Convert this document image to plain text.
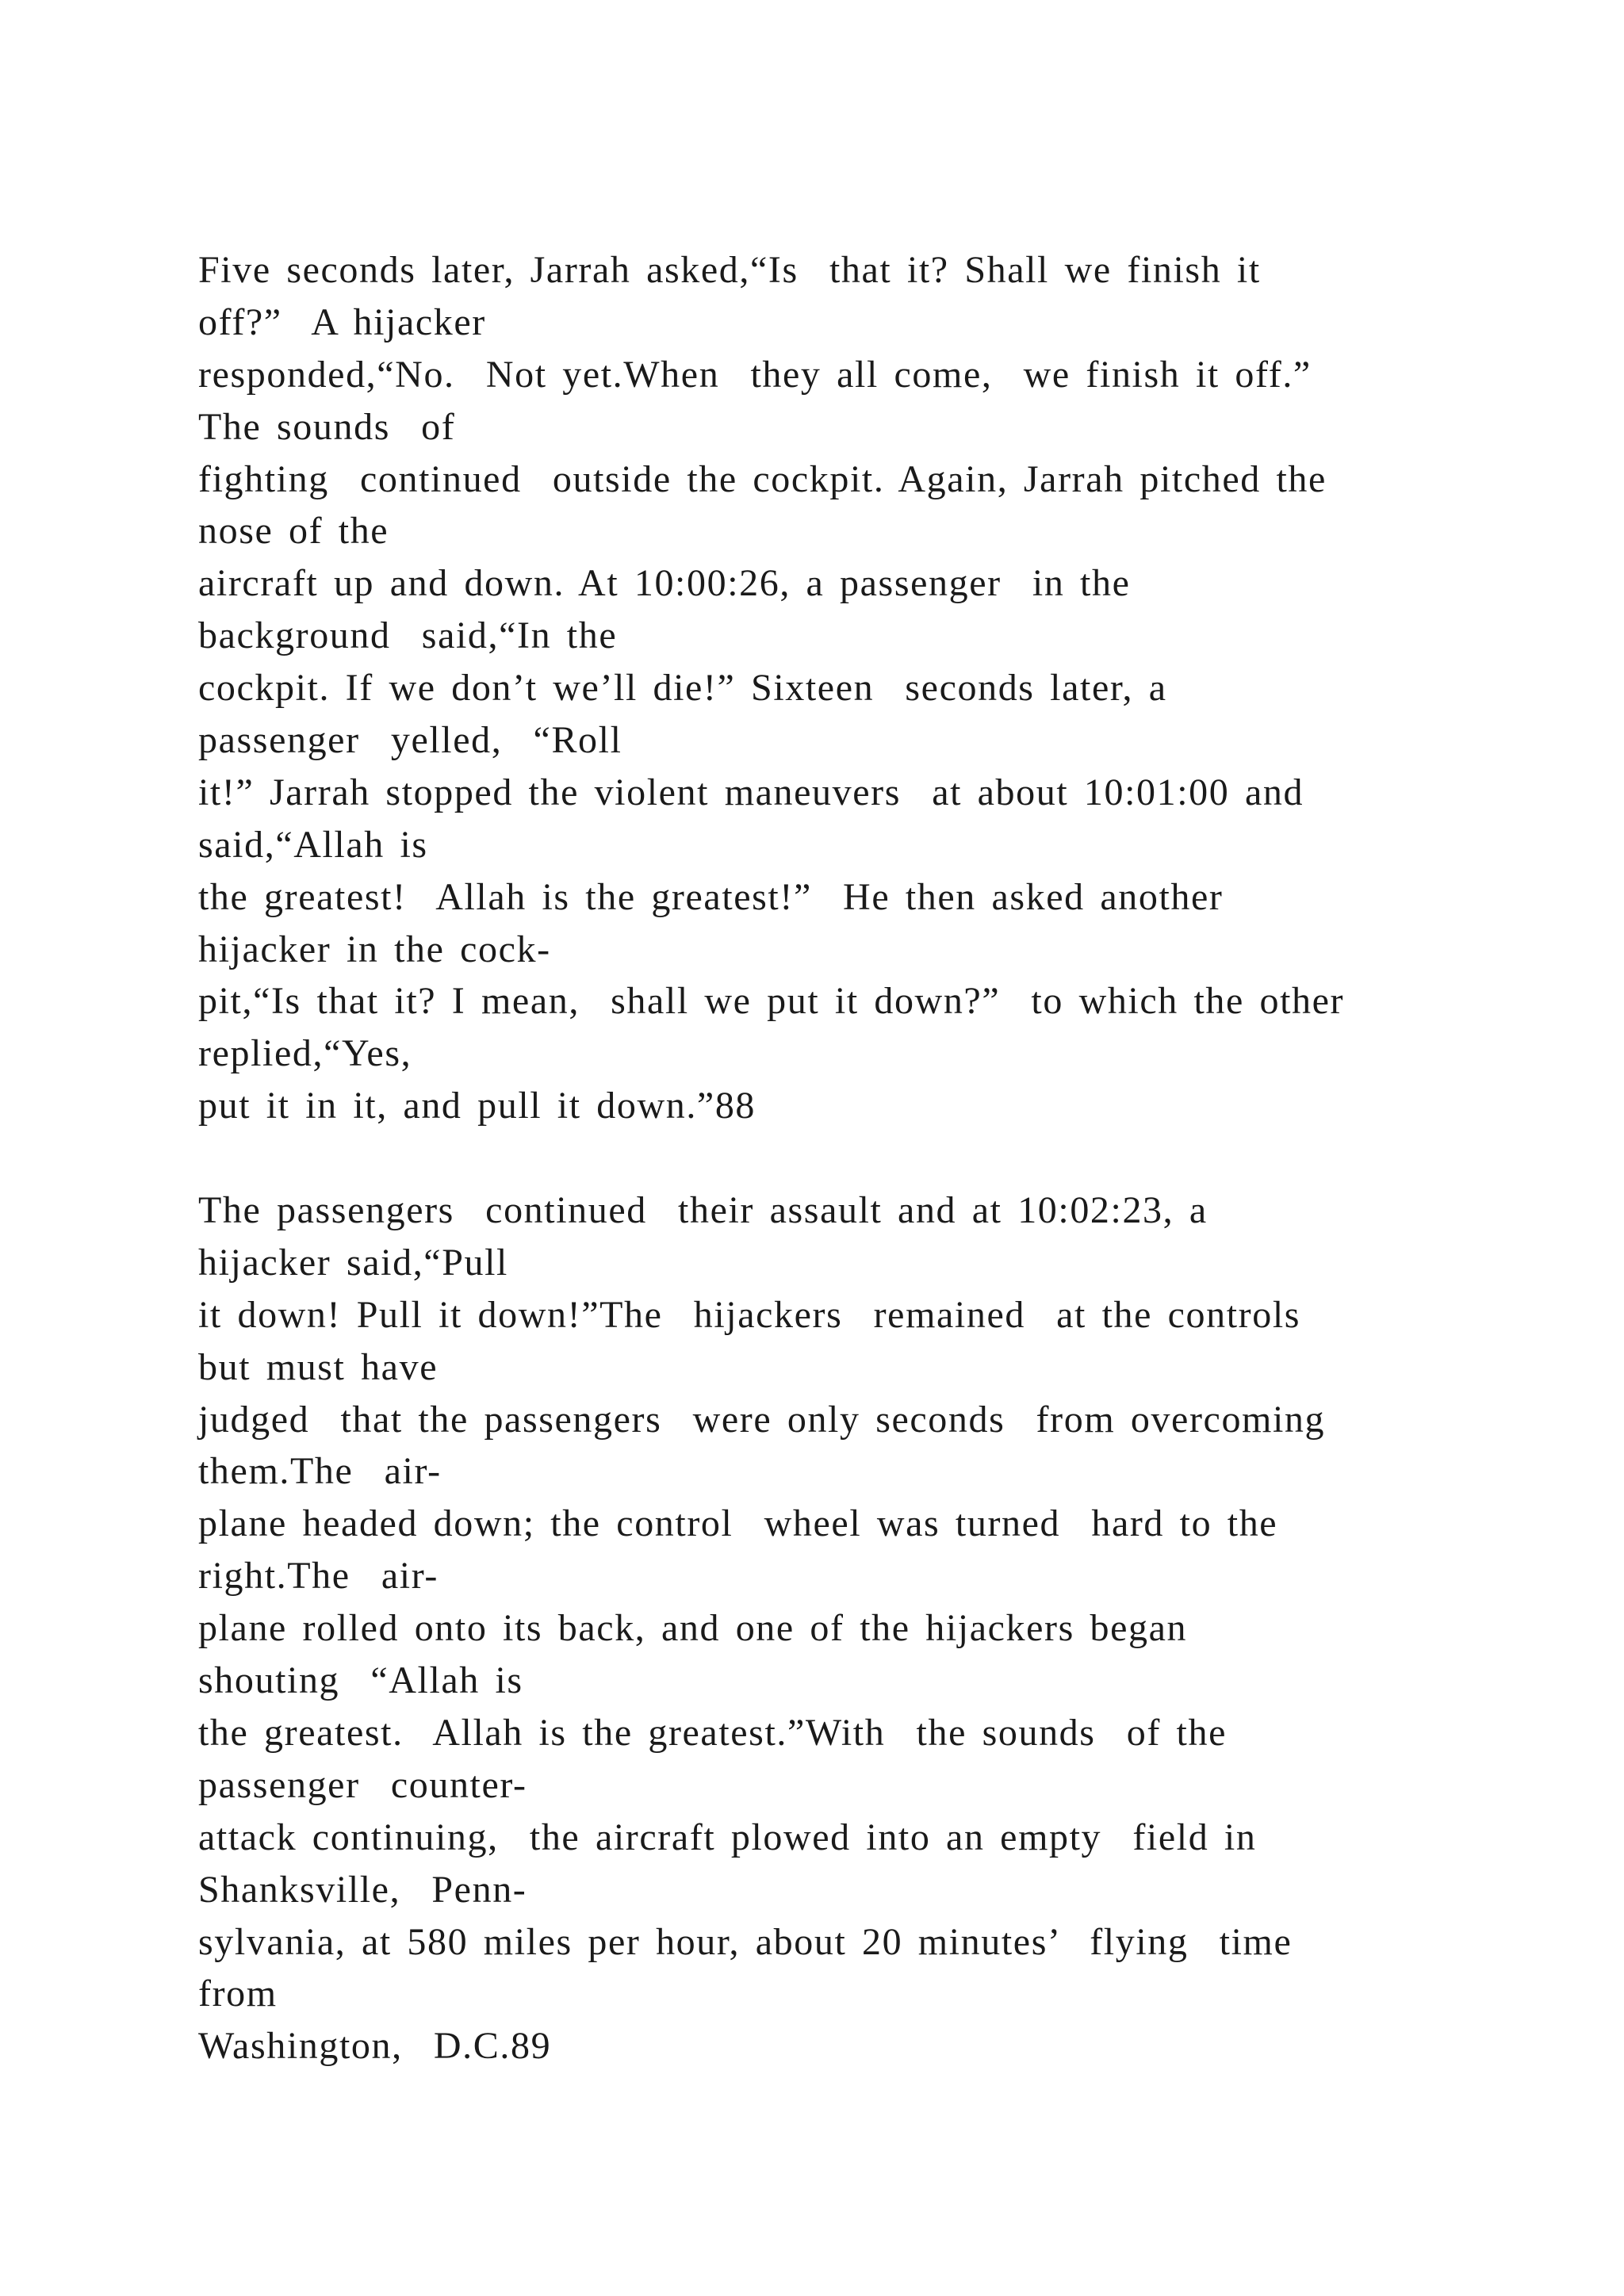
Five seconds later, Jarrah asked,“Is  that it? Shall we finish it
off?”  A hijacker
responded,“No.  Not yet.When  they all come,  we finish it off.”
The sounds  of
fighting  continued  outside the cockpit. Again, Jarrah pitched the
nose of the
aircraft up and down. At 10:00:26, a passenger  in the
background  said,“In the
cockpit. If we don’t we’ll die!” Sixteen  seconds later, a
passenger  yelled,  “Roll
it!” Jarrah stopped the violent maneuvers  at about 10:01:00 and
said,“Allah is
the greatest!  Allah is the greatest!”  He then asked another
hijacker in the cock-
pit,“Is that it? I mean,  shall we put it down?”  to which the other
replied,“Yes,
put it in it, and pull it down.”88
The passengers  continued  their assault and at 10:02:23, a
hijacker said,“Pull
it down! Pull it down!”The  hijackers  remained  at the controls
but must have
judged  that the passengers  were only seconds  from overcoming
them.The  air-
plane headed down; the control  wheel was turned  hard to the
right.The  air-
plane rolled onto its back, and one of the hijackers began
shouting  “Allah is
the greatest.  Allah is the greatest.”With  the sounds  of the
passenger  counter-
attack continuing,  the aircraft plowed into an empty  field in
Shanksville,  Penn-
sylvania, at 580 miles per hour, about 20 minutes’  flying  time
from
Washington,  D.C.89
